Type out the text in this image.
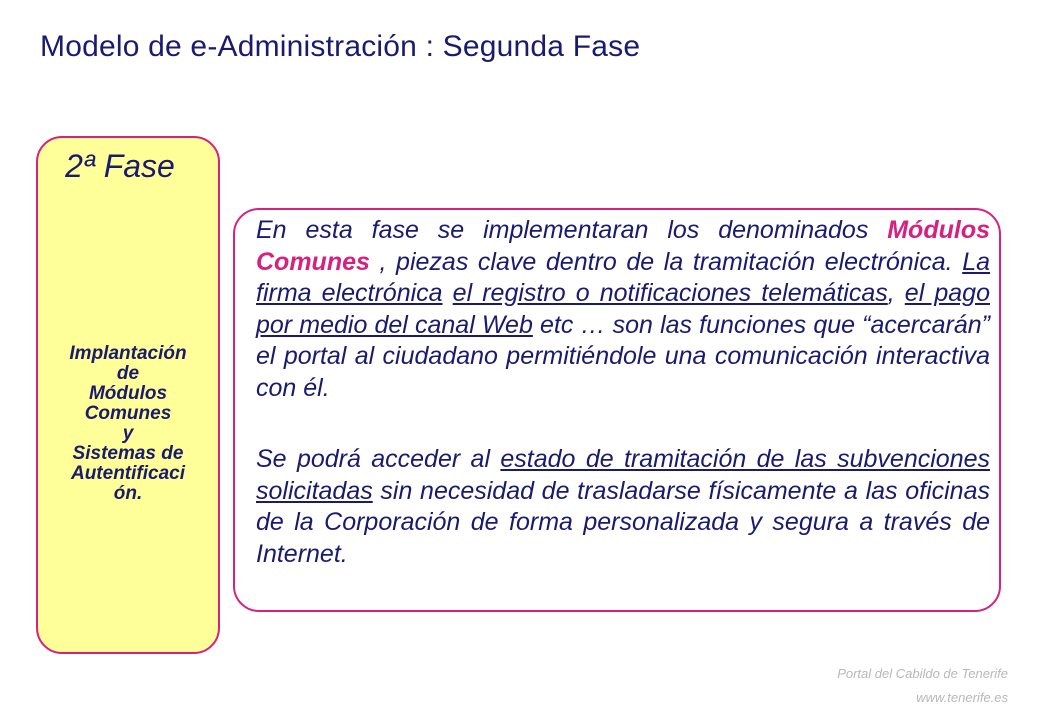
Modelo de e-Administración : Segunda Fase
2ª Fase
Implantación
de
Módulos
Comunes
y
Sistemas de
Autentificaci
ón.

En esta fase se implementaran los denominados Módulos Comunes , piezas clave dentro de la tramitación electrónica. La firma electrónica el registro o notificaciones telemáticas, el pago por medio del canal Web etc … son las funciones que “acercarán” el portal al ciudadano permitiéndole una comunicación interactiva con él.

Se podrá acceder al estado de tramitación de las subvenciones solicitadas sin necesidad de trasladarse físicamente a las oficinas de la Corporación de forma personalizada y segura a través de Internet.

Portal del Cabildo de Tenerife
www.tenerife.es
